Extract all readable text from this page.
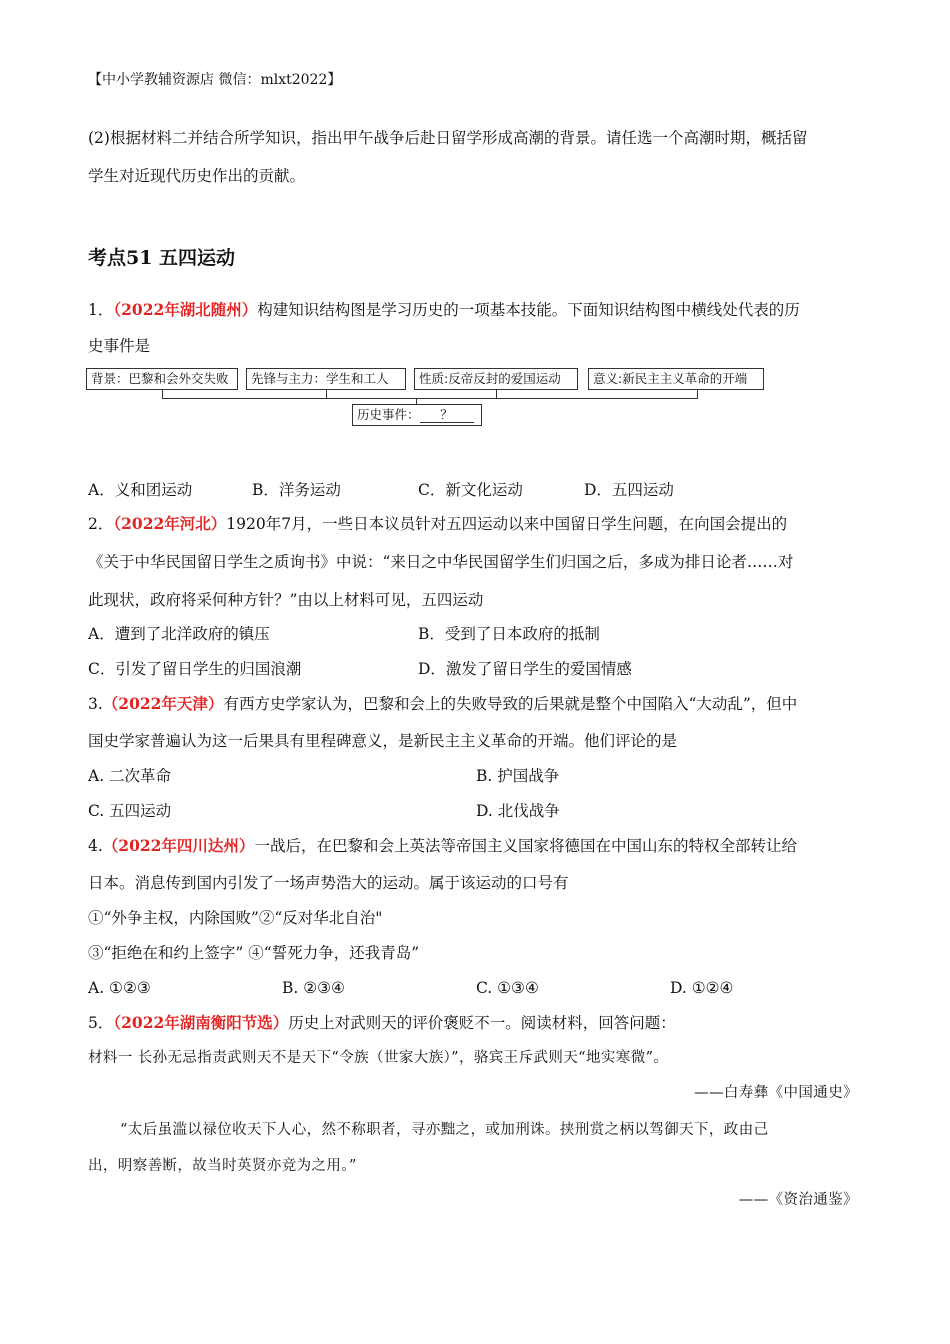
【中小学教辅资源店 微信：mlxt2022】
(2)根据材料二并结合所学知识，指出甲午战争后赴日留学形成高潮的背景。请任选一个高潮时期，概括留
学生对近现代历史作出的贡献。
考点51 五四运动
1．（2022年湖北随州）构建知识结构图是学习历史的一项基本技能。下面知识结构图中横线处代表的历
史事件是
背景：巴黎和会外交失败	先锋与主力：学生和工人	性质:反帝反封的爱国运动	意义:新民主主义革命的开端
历史事件： ？
A．义和团运动	B．洋务运动	C．新文化运动	D．五四运动
2．（2022年河北）1920年7月，一些日本议员针对五四运动以来中国留日学生问题，在向国会提出的
《关于中华民国留日学生之质询书》中说：“来日之中华民国留学生们归国之后，多成为排日论者……对
此现状，政府将采何种方针？”由以上材料可见，五四运动
A．遭到了北洋政府的镇压	B．受到了日本政府的抵制
C．引发了留日学生的归国浪潮	D．激发了留日学生的爱国情感
3.（2022年天津）有西方史学家认为，巴黎和会上的失败导致的后果就是整个中国陷入“大动乱”，但中
国史学家普遍认为这一后果具有里程碑意义，是新民主主义革命的开端。他们评论的是
A. 二次革命	B. 护国战争
C. 五四运动	D. 北伐战争
4.（2022年四川达州）一战后，在巴黎和会上英法等帝国主义国家将德国在中国山东的特权全部转让给
日本。消息传到国内引发了一场声势浩大的运动。属于该运动的口号有
①“外争主权，内除国败”②“反对华北自治"
③“拒绝在和约上签字” ④“誓死力争，还我青岛”
A. ①②③	B. ②③④	C. ①③④	D. ①②④
5．（2022年湖南衡阳节选）历史上对武则天的评价褒贬不一。阅读材料，回答问题：
材料一 长孙无忌指责武则天不是天下“令族（世家大族）”，骆宾王斥武则天“地实寒微”。
——白寿彝《中国通史》
“太后虽滥以禄位收天下人心，然不称职者，寻亦黜之，或加刑诛。挟刑赏之柄以驾御天下，政由己
出，明察善断，故当时英贤亦竞为之用。”
——《资治通鉴》
